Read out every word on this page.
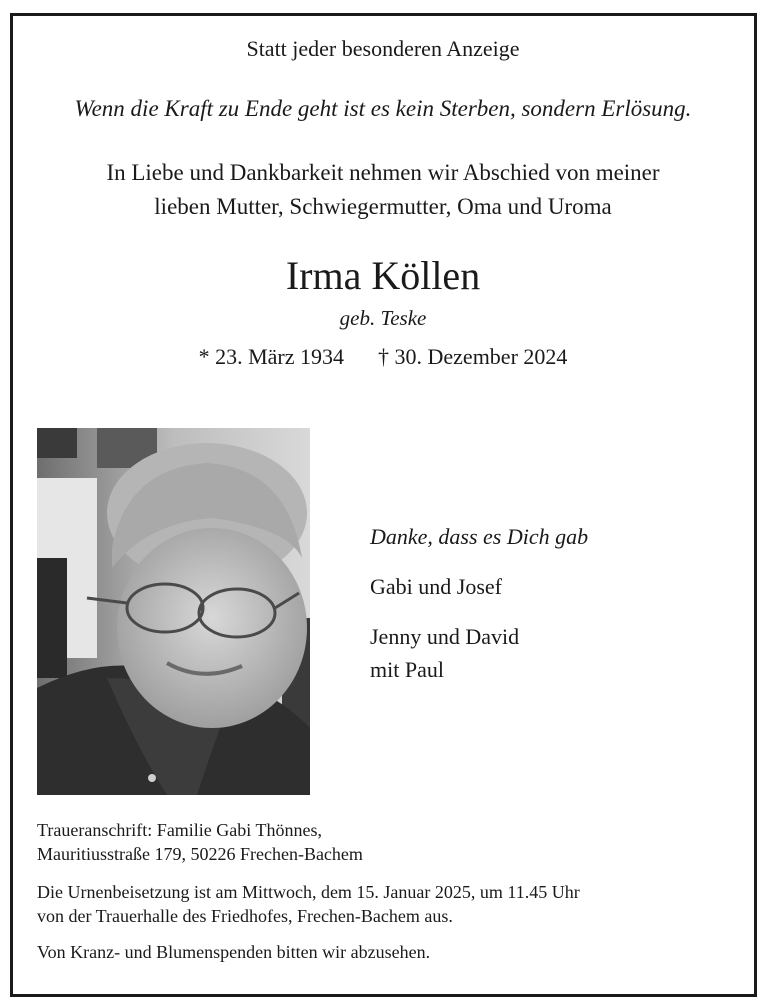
Statt jeder besonderen Anzeige
Wenn die Kraft zu Ende geht ist es kein Sterben, sondern Erlösung.
In Liebe und Dankbarkeit nehmen wir Abschied von meiner
lieben Mutter, Schwiegermutter, Oma und Uroma
Irma Köllen
geb. Teske
* 23. März 1934 † 30. Dezember 2024
Danke, dass es Dich gab
Gabi und Josef
Jenny und David
mit Paul
Traueranschrift: Familie Gabi Thönnes,
Mauritiusstraße 179, 50226 Frechen-Bachem
Die Urnenbeisetzung ist am Mittwoch, dem 15. Januar 2025, um 11.45 Uhr
von der Trauerhalle des Friedhofes, Frechen-Bachem aus.
Von Kranz- und Blumenspenden bitten wir abzusehen.
